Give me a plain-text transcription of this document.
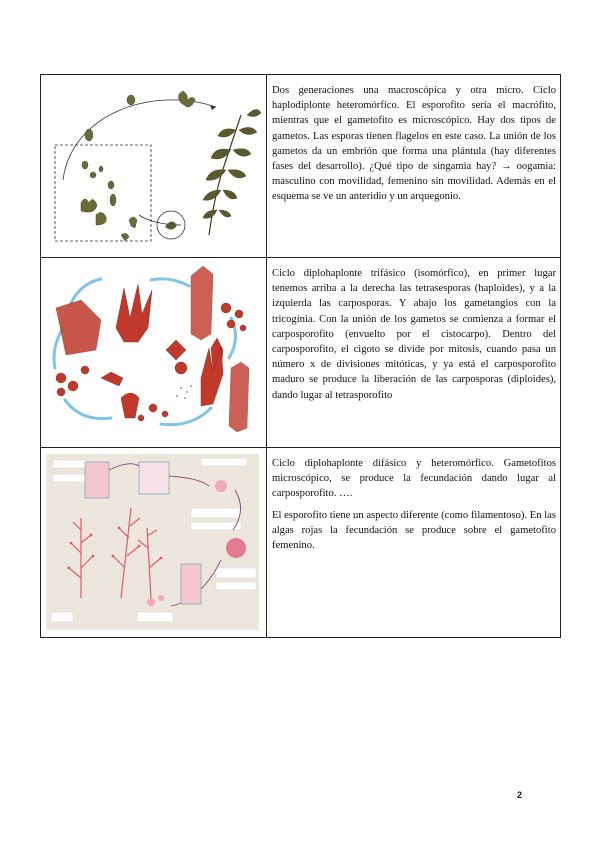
Dos generaciones una macroscópica y otra micro. Ciclo haplodiplonte heteromórfico. El esporofito sería el macrófito, mientras que el gametofito es microscópico. Hay dos tipos de gametos. Las esporas tienen flagelos en este caso. La unión de los gametos da un embrión que forma una plántula (hay diferentes fases del desarrollo). ¿Qué tipo de singamia hay? → oogamia: masculino con movilidad, femenino sin movilidad. Además en el esquema se ve un anteridio y un arquegonio.

Ciclo diplohaplonte trifásico (isomórfico), en primer lugar tenemos arriba a la derecha las tetrasesporas (haploides), y a la izquierda las carposporas. Y abajo los gametangios con la tricogínia. Con la unión de los gametos se comienza a formar el carposporofito (envuelto por el cistocarpo). Dentro del carposporofito, el cigoto se divide por mitosis, cuando pasa un número x de divisiones mitóticas, y ya está el carposporofito maduro se produce la liberación de las carposporas (diploides), dando lugar al tetrasporofito

Ciclo diplohaplonte difásico y heteromórfico. Gametofitos microscópico, se produce la fecundación dando lugar al carposporofito. ….

El esporofito tiene un aspecto diferente (como filamentoso). En las algas rojas la fecundación se produce sobre el gametofito femenino.

2
